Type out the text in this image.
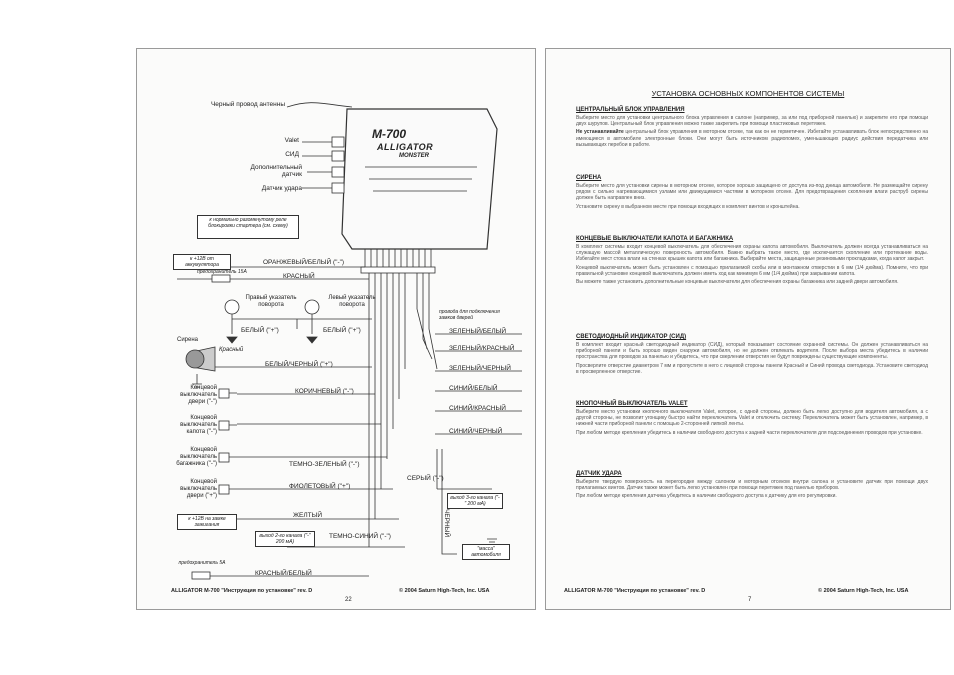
Черный провод антенны
Valet
СИД
Дополнительный датчик
Датчик удара
M-700
ALLIGATOR
MONSTER
к нормально разомкнутому реле блокировки стартера (см. схему)
к +12В от аккумулятора
предохранитель 15А
ОРАНЖЕВЫЙ/БЕЛЫЙ ("-")
КРАСНЫЙ
Правый указатель поворота
Левый указатель поворота
БЕЛЫЙ ("+")	БЕЛЫЙ ("+")
провода для подключения замков дверей
ЗЕЛЕНЫЙ/БЕЛЫЙ
ЗЕЛЕНЫЙ/КРАСНЫЙ
ЗЕЛЕНЫЙ/ЧЕРНЫЙ
СИНИЙ/БЕЛЫЙ
СИНИЙ/КРАСНЫЙ
СИНИЙ/ЧЕРНЫЙ
Сирена
Красный
БЕЛЫЙ/ЧЕРНЫЙ ("+")
Концевой выключатель двери ("-")
КОРИЧНЕВЫЙ ("-")
Концевой выключатель капота ("-")
Концевой выключатель багажника ("-")	ТЕМНО-ЗЕЛЕНЫЙ ("-")
СЕРЫЙ ("-")
выход 3-го канала ("-" 200 мА)
Концевой выключатель двери ("+")
ФИОЛЕТОВЫЙ ("+")
ЖЕЛТЫЙ
к +12В на замке зажигания
выход 2-го канала ("-" 200 мА)
ТЕМНО-СИНИЙ ("-")	ЧЕРНЫЙ
"масса" автомобиля
предохранитель 5А
КРАСНЫЙ/БЕЛЫЙ
ALLIGATOR M-700 "Инструкция по установке" rev. D	© 2004 Saturn High-Tech, Inc. USA
22
УСТАНОВКА ОСНОВНЫХ КОМПОНЕНТОВ СИСТЕМЫ
ЦЕНТРАЛЬНЫЙ БЛОК УПРАВЛЕНИЯ

Выберите место для установки центрального блока управления в салоне (например, за или под приборной панелью) и закрепите его при помощи двух шурупов. Центральный блок управления можно также закрепить при помощи пластиковых перетяжек.

Не устанавливайте центральный блок управления в моторном отсеке, так как он не герметичен. Избегайте устанавливать блок непосредственно на имеющиеся в автомобиле электронные блоки. Они могут быть источником радиопомех, уменьшающих радиус действия передатчика или вызывающих перебои в работе.

СИРЕНА

Выберите место для установки сирены в моторном отсеке, которое хорошо защищено от доступа из-под днища автомобиля. Не размещайте сирену рядом с сильно нагревающимися узлами или движущимися частями в моторном отсеке. Для предотвращения скопления влаги раструб сирены должен быть направлен вниз.

Установите сирену в выбранном месте при помощи входящих в комплект винтов и кронштейна.

КОНЦЕВЫЕ ВЫКЛЮЧАТЕЛИ КАПОТА И БАГАЖНИКА

В комплект системы входит концевой выключатель для обеспечения охраны капота автомобиля. Выключатель должен всегда устанавливаться на служащую массой металлическую поверхность автомобиля. Важно выбрать такое место, где исключается скопление или протекание воды. Избегайте мест стока влаги на стенках крышек капота или багажника. Выбирайте места, защищенные резиновыми прокладками, когда капот закрыт.

Концевой выключатель может быть установлен с помощью прилагаемой скобы или в монтажном отверстии в 6 мм (1/4 дюйма). Помните, что при правильной установке концевой выключатель должен иметь ход как минимум 6 мм (1/4 дюйма) при закрывании капота.

Вы можете также установить дополнительные концевые выключатели для обеспечения охраны багажника или задней двери автомобиля.

СВЕТОДИОДНЫЙ ИНДИКАТОР (СИД)

В комплект входит красный светодиодный индикатор (СИД), который показывает состояние охранной системы. Он должен устанавливаться на приборной панели и быть хорошо виден снаружи автомобиля, но не должен отвлекать водителя. После выбора места убедитесь в наличии пространства для проводов за панелью и убедитесь, что при сверлении отверстия не будут повреждены существующие компоненты.

Просверлите отверстие диаметром 7 мм и пропустите в него с лицевой стороны панели Красный и Синий провода светодиода. Установите светодиод в просверленное отверстие.

КНОПОЧНЫЙ ВЫКЛЮЧАТЕЛЬ VALET

Выберите место установки кнопочного выключателя Valet, которое, с одной стороны, должно быть легко доступно для водителя автомобиля, а с другой стороны, не позволит угонщику быстро найти переключатель Valet и отключить систему. Переключатель может быть установлен, например, в нижней части приборной панели с помощью 2-сторонней липкой ленты.

При любом методе крепления убедитесь в наличии свободного доступа к задней части переключателя для подсоединения проводов при установке.

ДАТЧИК УДАРА

Выберите твердую поверхность на перегородке между салоном и моторным отсеком внутри салона и установите датчик при помощи двух прилагаемых винтов. Датчик также может быть легко установлен при помощи перетяжек под панелью приборов.

При любом методе крепления датчика убедитесь в наличии свободного доступа к датчику для его регулировки.

ALLIGATOR M-700 "Инструкция по установке" rev. D	© 2004 Saturn High-Tech, Inc. USA
7
